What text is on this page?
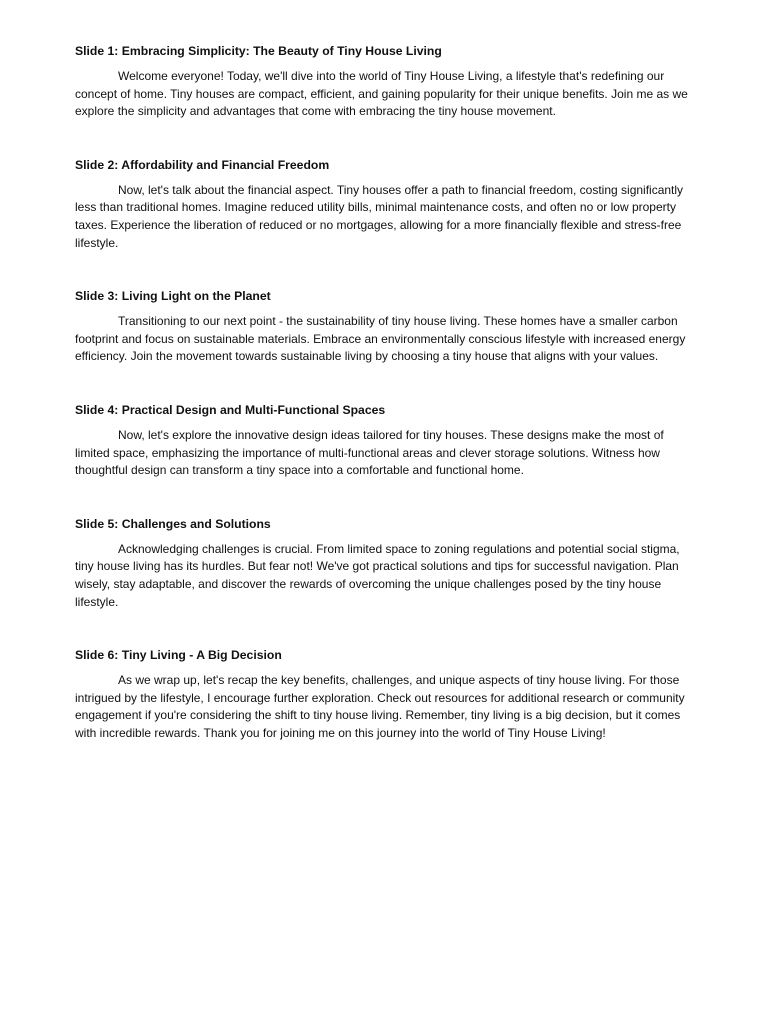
Slide 1: Embracing Simplicity: The Beauty of Tiny House Living

Welcome everyone! Today, we'll dive into the world of Tiny House Living, a lifestyle that's redefining our concept of home. Tiny houses are compact, efficient, and gaining popularity for their unique benefits. Join me as we explore the simplicity and advantages that come with embracing the tiny house movement.

Slide 2: Affordability and Financial Freedom

Now, let's talk about the financial aspect. Tiny houses offer a path to financial freedom, costing significantly less than traditional homes. Imagine reduced utility bills, minimal maintenance costs, and often no or low property taxes. Experience the liberation of reduced or no mortgages, allowing for a more financially flexible and stress-free lifestyle.

Slide 3: Living Light on the Planet

Transitioning to our next point - the sustainability of tiny house living. These homes have a smaller carbon footprint and focus on sustainable materials. Embrace an environmentally conscious lifestyle with increased energy efficiency. Join the movement towards sustainable living by choosing a tiny house that aligns with your values.

Slide 4: Practical Design and Multi-Functional Spaces

Now, let's explore the innovative design ideas tailored for tiny houses. These designs make the most of limited space, emphasizing the importance of multi-functional areas and clever storage solutions. Witness how thoughtful design can transform a tiny space into a comfortable and functional home.

Slide 5: Challenges and Solutions

Acknowledging challenges is crucial. From limited space to zoning regulations and potential social stigma, tiny house living has its hurdles. But fear not! We've got practical solutions and tips for successful navigation. Plan wisely, stay adaptable, and discover the rewards of overcoming the unique challenges posed by the tiny house lifestyle.

Slide 6: Tiny Living - A Big Decision

As we wrap up, let's recap the key benefits, challenges, and unique aspects of tiny house living. For those intrigued by the lifestyle, I encourage further exploration. Check out resources for additional research or community engagement if you're considering the shift to tiny house living. Remember, tiny living is a big decision, but it comes with incredible rewards. Thank you for joining me on this journey into the world of Tiny House Living!
